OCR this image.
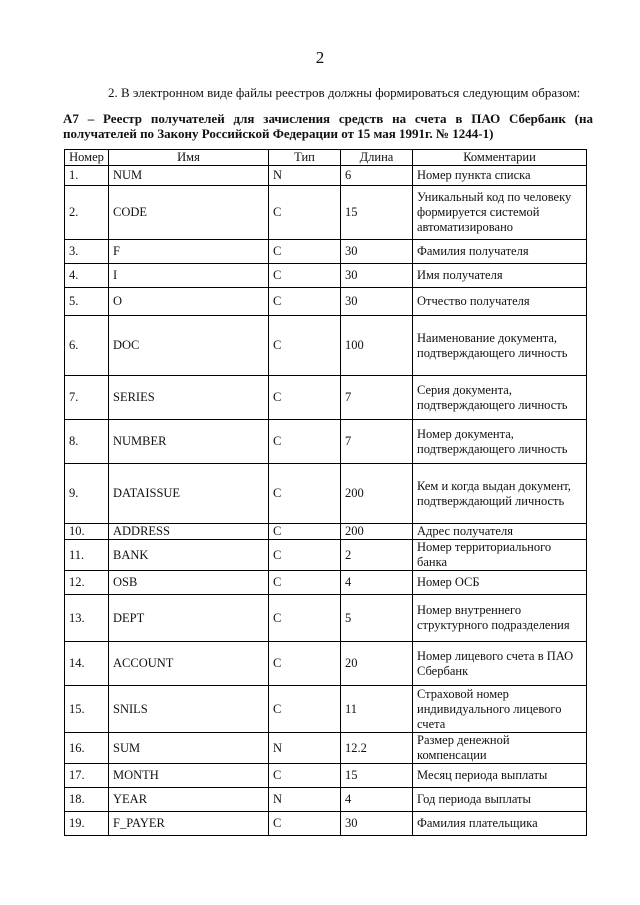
2
2. В электронном виде файлы реестров должны формироваться следующим образом:
А7 – Реестр получателей для зачисления средств на счета в ПАО Сбербанк (на получателей по Закону Российской Федерации от 15 мая 1991г. № 1244-1)
Номер	Имя	Тип	Длина	Комментарии
1.	NUM	N	6	Номер пункта списка
2.	CODE	C	15	Уникальный код по человеку формируется системой автоматизировано
3.	F	C	30	Фамилия получателя
4.	I	C	30	Имя получателя
5.	O	C	30	Отчество получателя
6.	DOC	C	100	Наименование документа, подтверждающего личность
7.	SERIES	C	7	Серия документа, подтверждающего личность
8.	NUMBER	C	7	Номер документа, подтверждающего личность
9.	DATAISSUE	C	200	Кем и когда выдан документ, подтверждающий личность
10.	ADDRESS	C	200	Адрес получателя
11.	BANK	C	2	Номер территориального банка
12.	OSB	C	4	Номер ОСБ
13.	DEPT	C	5	Номер внутреннего структурного подразделения
14.	ACCOUNT	C	20	Номер лицевого счета в ПАО Сбербанк
15.	SNILS	C	11	Страховой номер индивидуального лицевого счета
16.	SUM	N	12.2	Размер денежной компенсации
17.	MONTH	C	15	Месяц периода выплаты
18.	YEAR	N	4	Год периода выплаты
19.	F_PAYER	C	30	Фамилия плательщика
